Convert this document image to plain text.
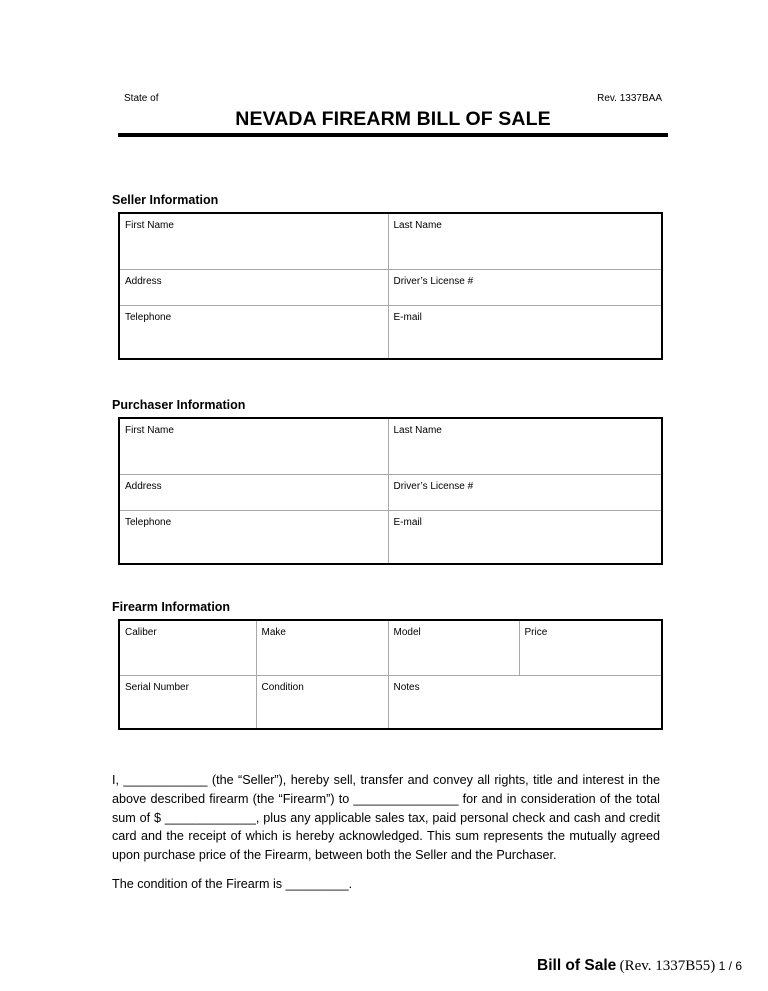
State of	Rev. 1337BAA
NEVADA FIREARM BILL OF SALE
Seller Information
First Name	Last Name
Address	Driver’s License #
Telephone	E-mail
Purchaser Information
First Name	Last Name
Address	Driver’s License #
Telephone	E-mail
Firearm Information
Caliber	Make	Model	Price
Serial Number	Condition	Notes	
I, ____________ (the “Seller”), hereby sell, transfer and convey all rights, title and interest in the above described firearm (the “Firearm”) to _______________ for and in consideration of the total sum of $ _____________, plus any applicable sales tax, paid personal check and cash and credit card and the receipt of which is hereby acknowledged. This sum represents the mutually agreed upon purchase price of the Firearm, between both the Seller and the Purchaser.
The condition of the Firearm is _________.
Bill of Sale (Rev. 1337B55) 1 / 6
